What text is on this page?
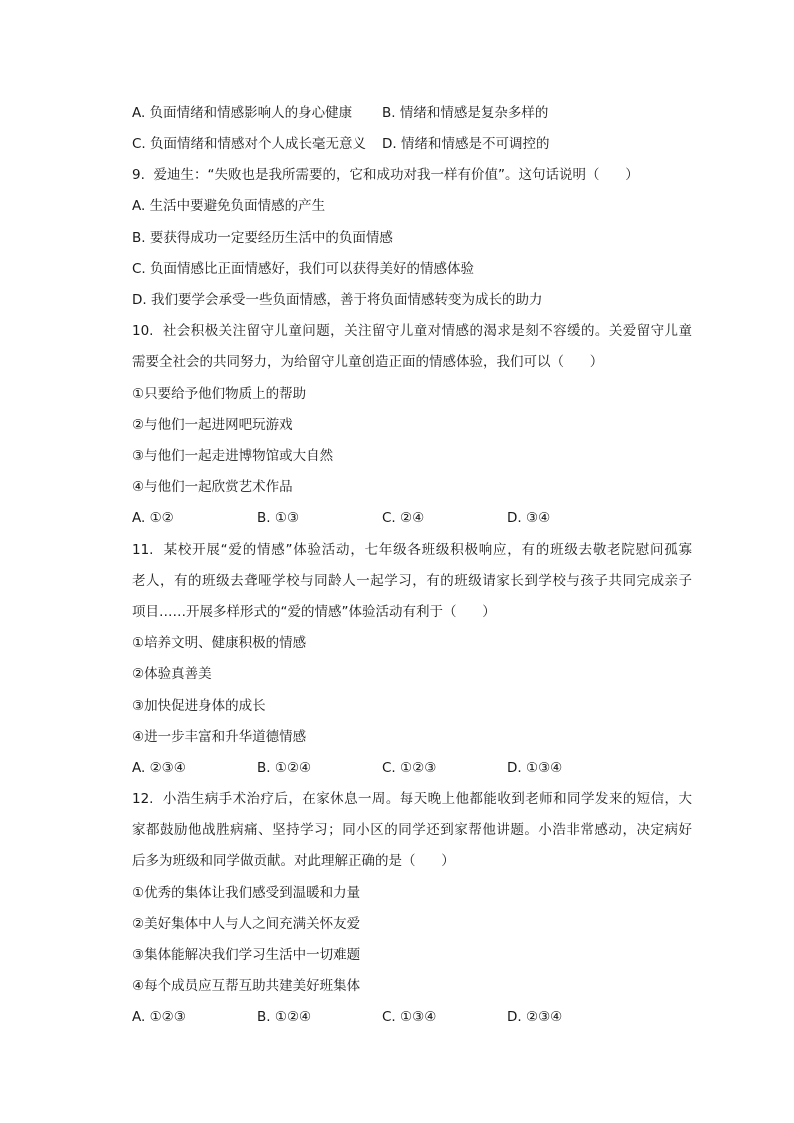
A. 负面情绪和情感影响人的身心健康 B. 情绪和情感是复杂多样的
C. 负面情绪和情感对个人成长毫无意义 D. 情绪和情感是不可调控的
9.  爱迪生：“失败也是我所需要的，它和成功对我一样有价值”。这句话说明（      ）
A. 生活中要避免负面情感的产生
B. 要获得成功一定要经历生活中的负面情感
C. 负面情感比正面情感好，我们可以获得美好的情感体验
D. 我们要学会承受一些负面情感，善于将负面情感转变为成长的助力
10.  社会积极关注留守儿童问题，关注留守儿童对情感的渴求是刻不容缓的。关爱留守儿童
需要全社会的共同努力，为给留守儿童创造正面的情感体验，我们可以（      ）
①只要给予他们物质上的帮助
②与他们一起进网吧玩游戏
③与他们一起走进博物馆或大自然
④与他们一起欣赏艺术作品
A. ①②	B. ①③	C. ②④	D. ③④
11.  某校开展“爱的情感”体验活动，七年级各班级积极响应，有的班级去敬老院慰问孤寡
老人，有的班级去聋哑学校与同龄人一起学习，有的班级请家长到学校与孩子共同完成亲子
项目……开展多样形式的“爱的情感”体验活动有利于（      ）
①培养文明、健康积极的情感
②体验真善美
③加快促进身体的成长
④进一步丰富和升华道德情感
A. ②③④	B. ①②④	C. ①②③	D. ①③④
12.  小浩生病手术治疗后，在家休息一周。每天晚上他都能收到老师和同学发来的短信，大
家都鼓励他战胜病痛、坚持学习；同小区的同学还到家帮他讲题。小浩非常感动，决定病好
后多为班级和同学做贡献。对此理解正确的是（      ）
①优秀的集体让我们感受到温暖和力量
②美好集体中人与人之间充满关怀友爱
③集体能解决我们学习生活中一切难题
④每个成员应互帮互助共建美好班集体
A. ①②③	B. ①②④	C. ①③④	D. ②③④
